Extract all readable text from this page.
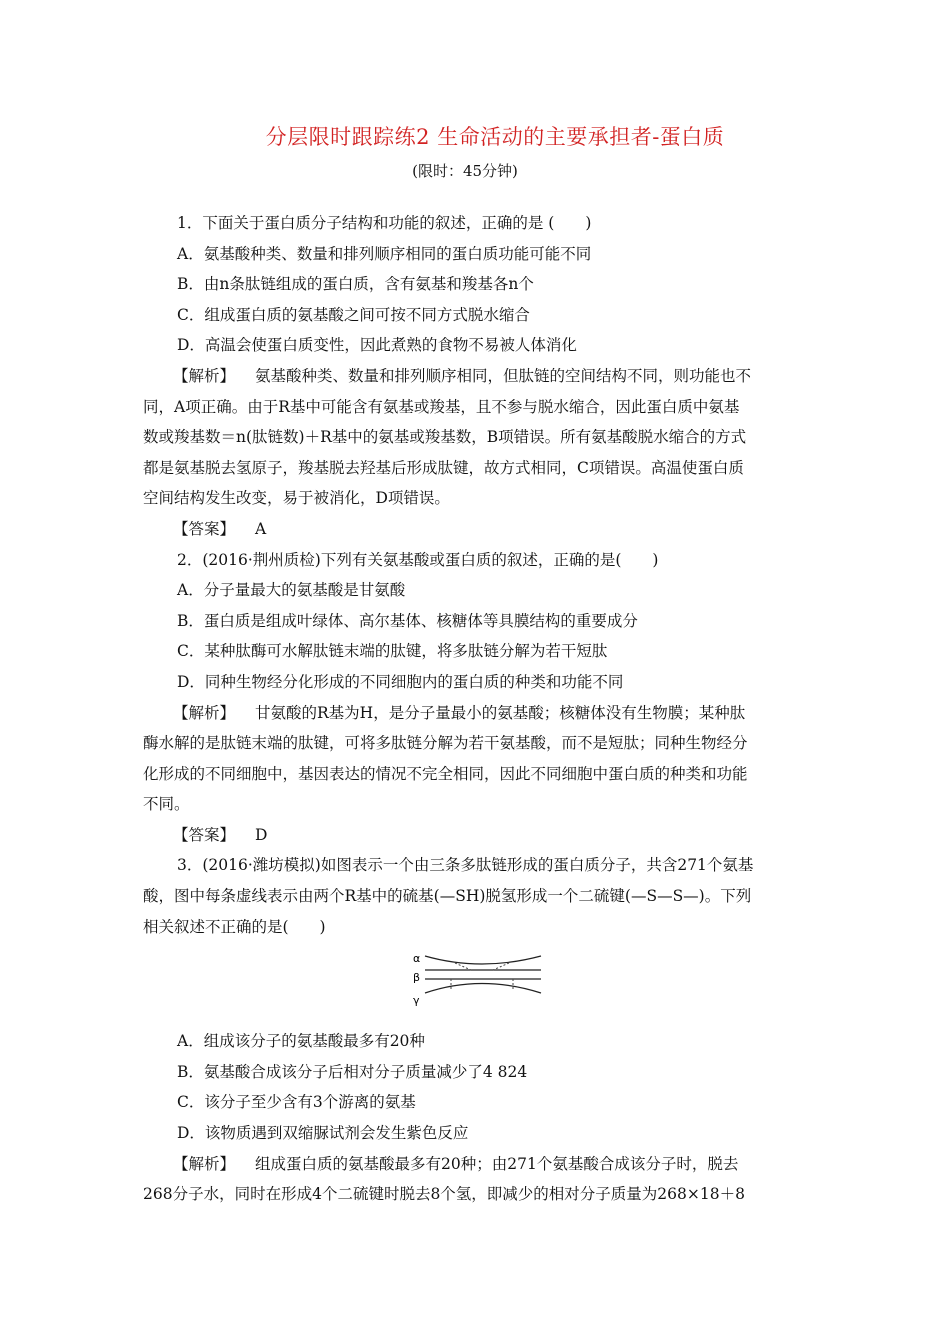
分层限时跟踪练2 生命活动的主要承担者-蛋白质
(限时：45分钟)

1．下面关于蛋白质分子结构和功能的叙述，正确的是 (　　)

A．氨基酸种类、数量和排列顺序相同的蛋白质功能可能不同

B．由n条肽链组成的蛋白质，含有氨基和羧基各n个

C．组成蛋白质的氨基酸之间可按不同方式脱水缩合

D．高温会使蛋白质变性，因此煮熟的食物不易被人体消化

【解析】 氨基酸种类、数量和排列顺序相同，但肽链的空间结构不同，则功能也不

同，A项正确。由于R基中可能含有氨基或羧基，且不参与脱水缩合，因此蛋白质中氨基

数或羧基数＝n(肽链数)＋R基中的氨基或羧基数，B项错误。所有氨基酸脱水缩合的方式

都是氨基脱去氢原子，羧基脱去羟基后形成肽键，故方式相同，C项错误。高温使蛋白质

空间结构发生改变，易于被消化，D项错误。

【答案】 A

2．(2016·荆州质检)下列有关氨基酸或蛋白质的叙述，正确的是(　　)

A．分子量最大的氨基酸是甘氨酸

B．蛋白质是组成叶绿体、高尔基体、核糖体等具膜结构的重要成分

C．某种肽酶可水解肽链末端的肽键，将多肽链分解为若干短肽

D．同种生物经分化形成的不同细胞内的蛋白质的种类和功能不同

【解析】 甘氨酸的R基为H，是分子量最小的氨基酸；核糖体没有生物膜；某种肽

酶水解的是肽链末端的肽键，可将多肽链分解为若干氨基酸，而不是短肽；同种生物经分

化形成的不同细胞中，基因表达的情况不完全相同，因此不同细胞中蛋白质的种类和功能

不同。

【答案】 D

3．(2016·潍坊模拟)如图表示一个由三条多肽链形成的蛋白质分子，共含271个氨基

酸，图中每条虚线表示由两个R基中的硫基(—SH)脱氢形成一个二硫键(—S—S—)。下列

相关叙述不正确的是(　　)

α
β
γ

A．组成该分子的氨基酸最多有20种

B．氨基酸合成该分子后相对分子质量减少了4 824

C．该分子至少含有3个游离的氨基

D．该物质遇到双缩脲试剂会发生紫色反应

【解析】 组成蛋白质的氨基酸最多有20种；由271个氨基酸合成该分子时，脱去

268分子水，同时在形成4个二硫键时脱去8个氢，即减少的相对分子质量为268×18＋8
